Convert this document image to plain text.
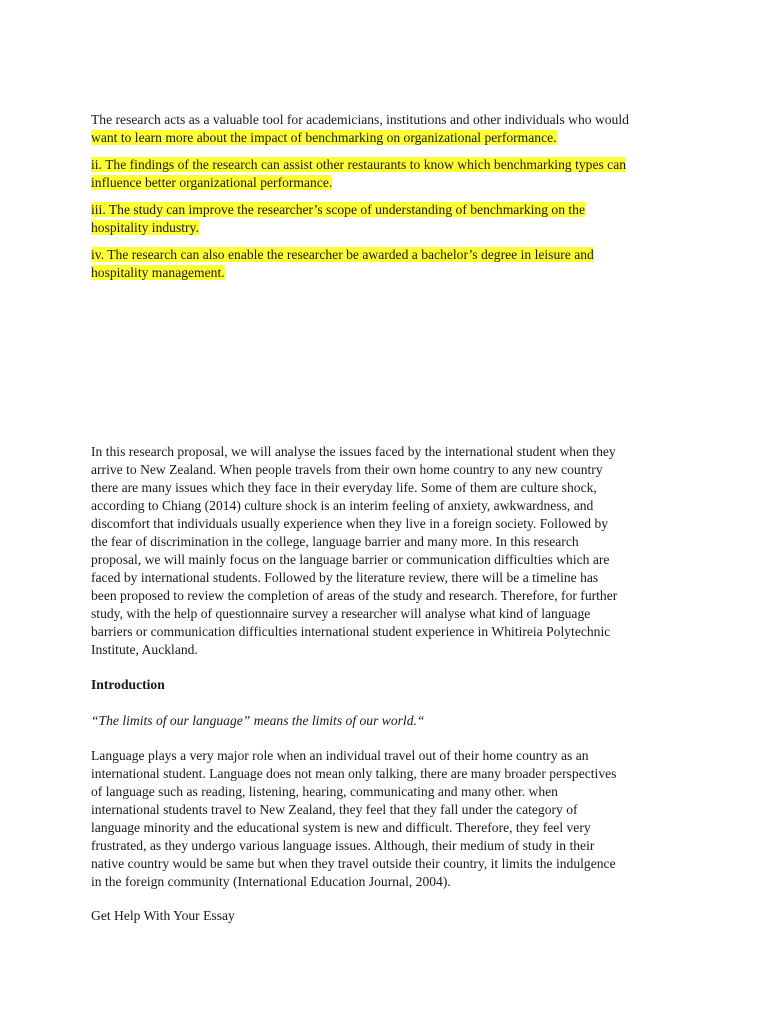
The research acts as a valuable tool for academicians, institutions and other individuals who would
want to learn more about the impact of benchmarking on organizational performance.

ii. The findings of the research can assist other restaurants to know which benchmarking types can
influence better organizational performance.

iii. The study can improve the researcher’s scope of understanding of benchmarking on the
hospitality industry.

iv. The research can also enable the researcher be awarded a bachelor’s degree in leisure and
hospitality management.

In this research proposal, we will analyse the issues faced by the international student when they
arrive to New Zealand. When people travels from their own home country to any new country
there are many issues which they face in their everyday life. Some of them are culture shock,
according to Chiang (2014) culture shock is an interim feeling of anxiety, awkwardness, and
discomfort that individuals usually experience when they live in a foreign society. Followed by
the fear of discrimination in the college, language barrier and many more. In this research
proposal, we will mainly focus on the language barrier or communication difficulties which are
faced by international students. Followed by the literature review, there will be a timeline has
been proposed to review the completion of areas of the study and research. Therefore, for further
study, with the help of questionnaire survey a researcher will analyse what kind of language
barriers or communication difficulties international student experience in Whitireia Polytechnic
Institute, Auckland.

Introduction

“The limits of our language” means the limits of our world.“

Language plays a very major role when an individual travel out of their home country as an
international student. Language does not mean only talking, there are many broader perspectives
of language such as reading, listening, hearing, communicating and many other. when
international students travel to New Zealand, they feel that they fall under the category of
language minority and the educational system is new and difficult. Therefore, they feel very
frustrated, as they undergo various language issues. Although, their medium of study in their
native country would be same but when they travel outside their country, it limits the indulgence
in the foreign community (International Education Journal, 2004).

Get Help With Your Essay
